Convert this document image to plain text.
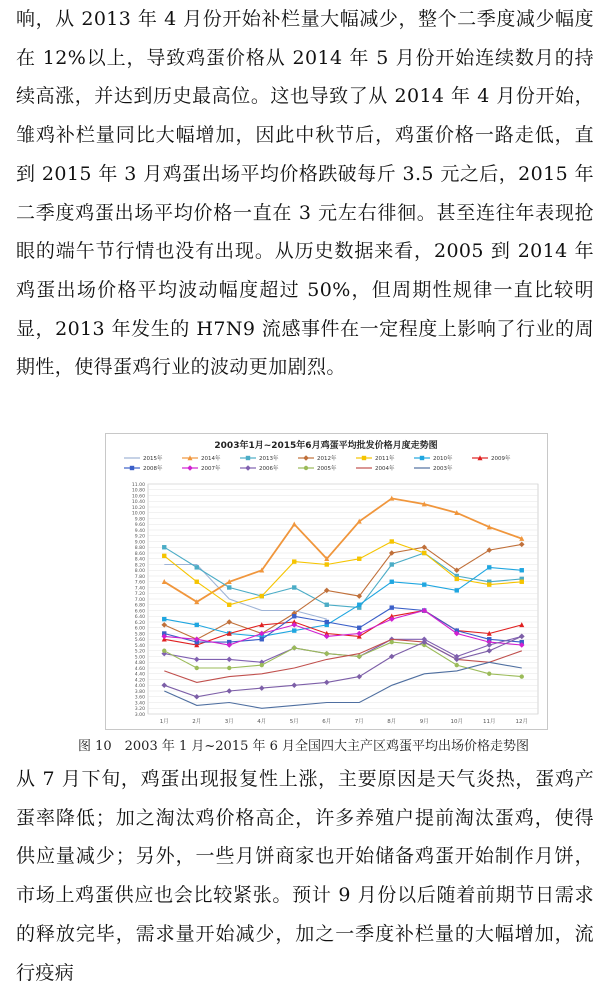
响，从 2013 年 4 月份开始补栏量大幅减少，整个二季度减少幅度在 12%以上，导致鸡蛋价格从 2014 年 5 月份开始连续数月的持续高涨，并达到历史最高位。这也导致了从 2014 年 4 月份开始，雏鸡补栏量同比大幅增加，因此中秋节后，鸡蛋价格一路走低，直到 2015 年 3 月鸡蛋出场平均价格跌破每斤 3.5 元之后，2015 年二季度鸡蛋出场平均价格一直在 3 元左右徘徊。甚至连往年表现抢眼的端午节行情也没有出现。从历史数据来看，2005 到 2014 年鸡蛋出场价格平均波动幅度超过 50%，但周期性规律一直比较明显，2013 年发生的 H7N9 流感事件在一定程度上影响了行业的周期性，使得蛋鸡行业的波动更加剧烈。

2003年1月~2015年6月鸡蛋平均批发价格月度走势图
2015年	2014年	2013年	2012年	2011年	2010年	2009年
2008年	2007年	2006年	2005年	2004年	2003年
3.00
3.20
3.40
3.60
3.80
4.00
4.20
4.40
4.60
4.80
5.00
5.20
5.40
5.60
5.80
6.00
6.20
6.40
6.60
6.80
7.00
7.20
7.40
7.60
7.80
8.00
8.20
8.40
8.60
8.80
9.00
9.20
9.40
9.60
9.80
10.00
10.20
10.40
10.60
10.80
11.00
1月	2月	3月	4月	5月	6月	7月	8月	9月	10月	11月	12月
图 10　2003 年 1 月~2015 年 6 月全国四大主产区鸡蛋平均出场价格走势图

从 7 月下旬，鸡蛋出现报复性上涨，主要原因是天气炎热，蛋鸡产蛋率降低；加之淘汰鸡价格高企，许多养殖户提前淘汰蛋鸡，使得供应量减少；另外，一些月饼商家也开始储备鸡蛋开始制作月饼，市场上鸡蛋供应也会比较紧张。预计 9 月份以后随着前期节日需求的释放完毕，需求量开始减少，加之一季度补栏量的大幅增加，流行疫病
